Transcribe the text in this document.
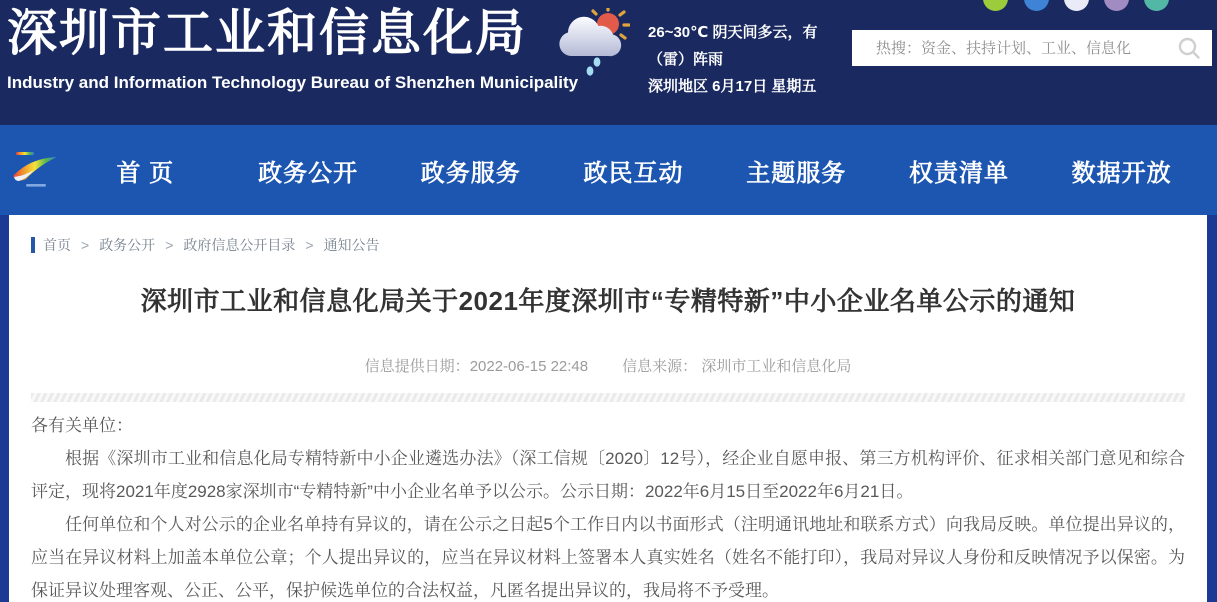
深圳市工业和信息化局
Industry and Information Technology Bureau of Shenzhen Municipality
26~30℃ 阴天间多云，有（雷）阵雨
深圳地区 6月17日 星期五
热搜：资金、扶持计划、工业、信息化
首 页	政务公开	政务服务	政民互动	主题服务	权责清单	数据开放
首页 > 政务公开 > 政府信息公开目录 > 通知公告
深圳市工业和信息化局关于2021年度深圳市“专精特新”中小企业名单公示的通知
信息提供日期：2022-06-15 22:48 信息来源： 深圳市工业和信息化局

各有关单位：

根据《深圳市工业和信息化局专精特新中小企业遴选办法》（深工信规〔2020〕12号），经企业自愿申报、第三方机构评价、征求相关部门意见和综合评定，现将2021年度2928家深圳市“专精特新”中小企业名单予以公示。公示日期：2022年6月15日至2022年6月21日。

任何单位和个人对公示的企业名单持有异议的，请在公示之日起5个工作日内以书面形式（注明通讯地址和联系方式）向我局反映。单位提出异议的，应当在异议材料上加盖本单位公章；个人提出异议的，应当在异议材料上签署本人真实姓名（姓名不能打印），我局对异议人身份和反映情况予以保密。为保证异议处理客观、公正、公平，保护候选单位的合法权益，凡匿名提出异议的，我局将不予受理。
